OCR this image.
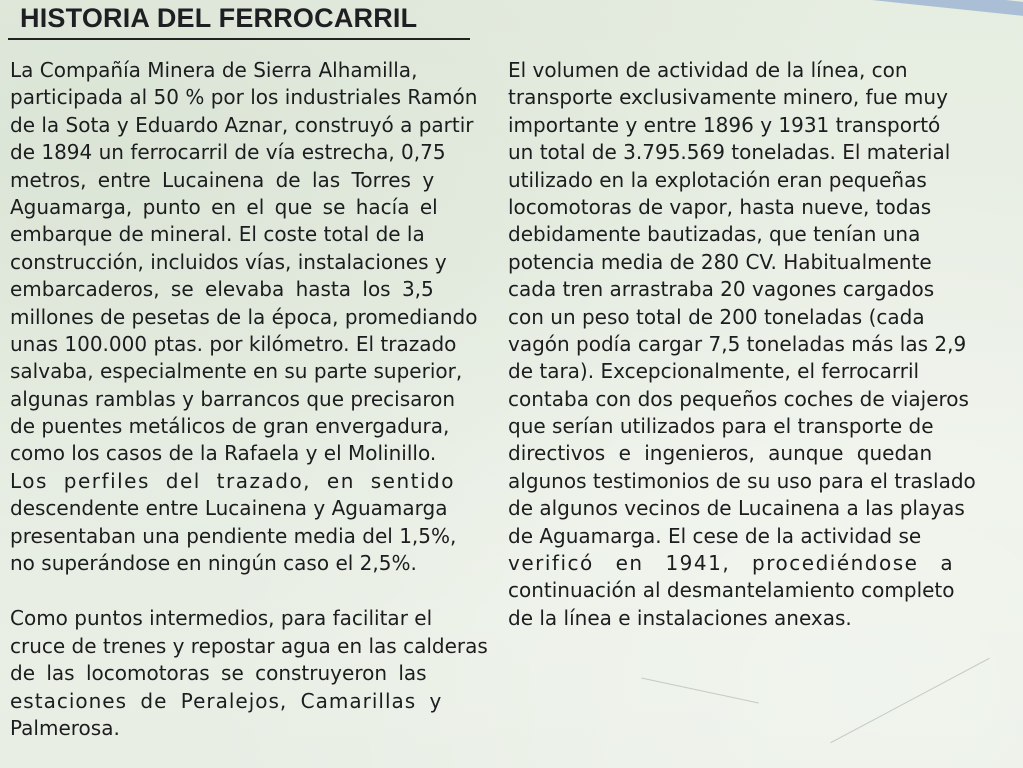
HISTORIA DEL FERROCARRIL
La Compañía Minera de Sierra Alhamilla,
participada al 50 % por los industriales Ramón
de la Sota y Eduardo Aznar, construyó a partir
de 1894 un ferrocarril de vía estrecha, 0,75
metros, entre Lucainena de las Torres y
Aguamarga, punto en el que se hacía el
embarque de mineral. El coste total de la
construcción, incluidos vías, instalaciones y
embarcaderos, se elevaba hasta los 3,5
millones de pesetas de la época, promediando
unas 100.000 ptas. por kilómetro. El trazado
salvaba, especialmente en su parte superior,
algunas ramblas y barrancos que precisaron
de puentes metálicos de gran envergadura,
como los casos de la Rafaela y el Molinillo.
Los perfiles del trazado, en sentido
descendente entre Lucainena y Aguamarga
presentaban una pendiente media del 1,5%,
no superándose en ningún caso el 2,5%.
Como puntos intermedios, para facilitar el
cruce de trenes y repostar agua en las calderas
de las locomotoras se construyeron las
estaciones de Peralejos, Camarillas y
Palmerosa.
El volumen de actividad de la línea, con
transporte exclusivamente minero, fue muy
importante y entre 1896 y 1931 transportó
un total de 3.795.569 toneladas. El material
utilizado en la explotación eran pequeñas
locomotoras de vapor, hasta nueve, todas
debidamente bautizadas, que tenían una
potencia media de 280 CV. Habitualmente
cada tren arrastraba 20 vagones cargados
con un peso total de 200 toneladas (cada
vagón podía cargar 7,5 toneladas más las 2,9
de tara). Excepcionalmente, el ferrocarril
contaba con dos pequeños coches de viajeros
que serían utilizados para el transporte de
directivos e ingenieros, aunque quedan
algunos testimonios de su uso para el traslado
de algunos vecinos de Lucainena a las playas
de Aguamarga. El cese de la actividad se
verificó en 1941, procediéndose a
continuación al desmantelamiento completo
de la línea e instalaciones anexas.
